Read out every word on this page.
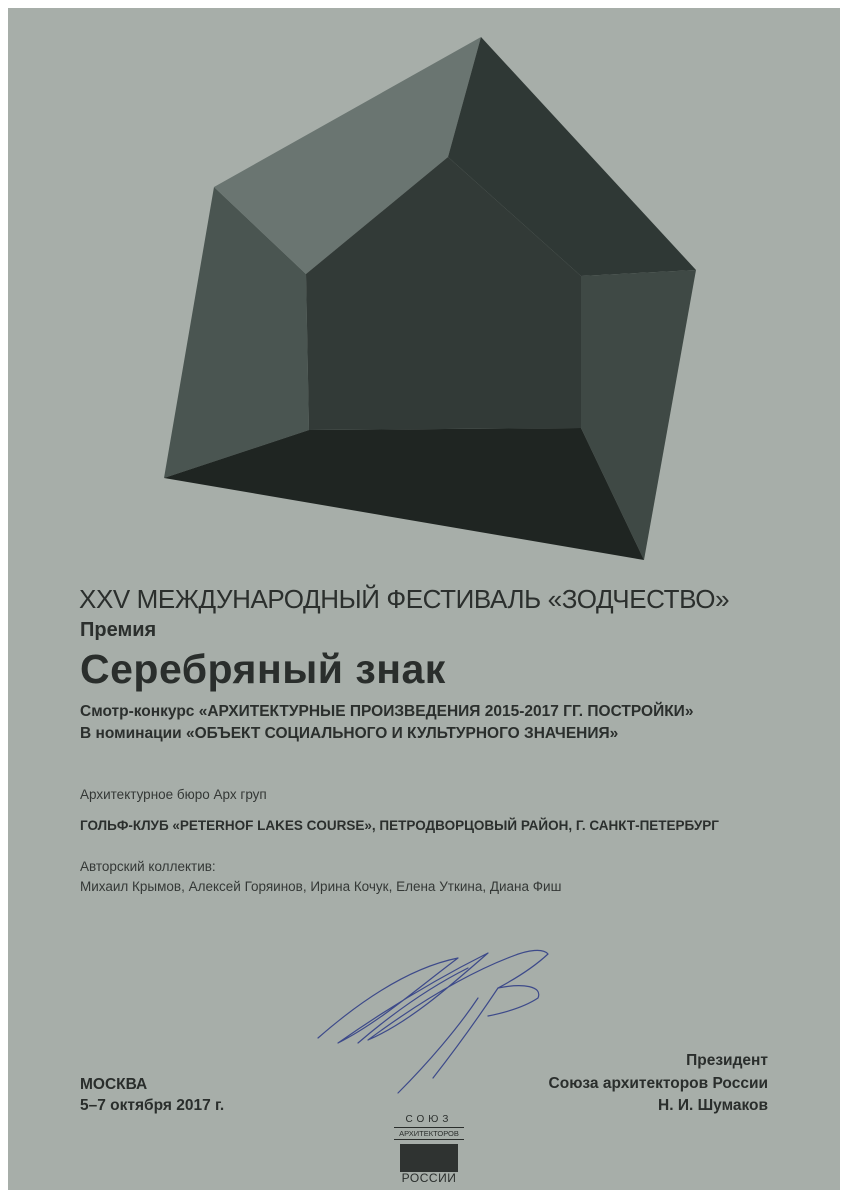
XXV МЕЖДУНАРОДНЫЙ ФЕСТИВАЛЬ «ЗОДЧЕСТВО»

Премия

Серебряный знак

Смотр-конкурс «АРХИТЕКТУРНЫЕ ПРОИЗВЕДЕНИЯ 2015-2017 ГГ. ПОСТРОЙКИ»

В номинации «ОБЪЕКТ СОЦИАЛЬНОГО И КУЛЬТУРНОГО ЗНАЧЕНИЯ»

Архитектурное бюро Арх груп

ГОЛЬФ-КЛУБ «PETERHOF LAKES COURSE», ПЕТРОДВОРЦОВЫЙ РАЙОН, Г. САНКТ-ПЕТЕРБУРГ

Авторский коллектив:

Михаил Крымов, Алексей Горяинов, Ирина Кочук, Елена Уткина, Диана Фиш

МОСКВА

5–7 октября 2017 г.

Президент

Союза архитекторов России

Н. И. Шумаков

СОЮЗ
АРХИТЕКТОРОВ
РОССИИ
